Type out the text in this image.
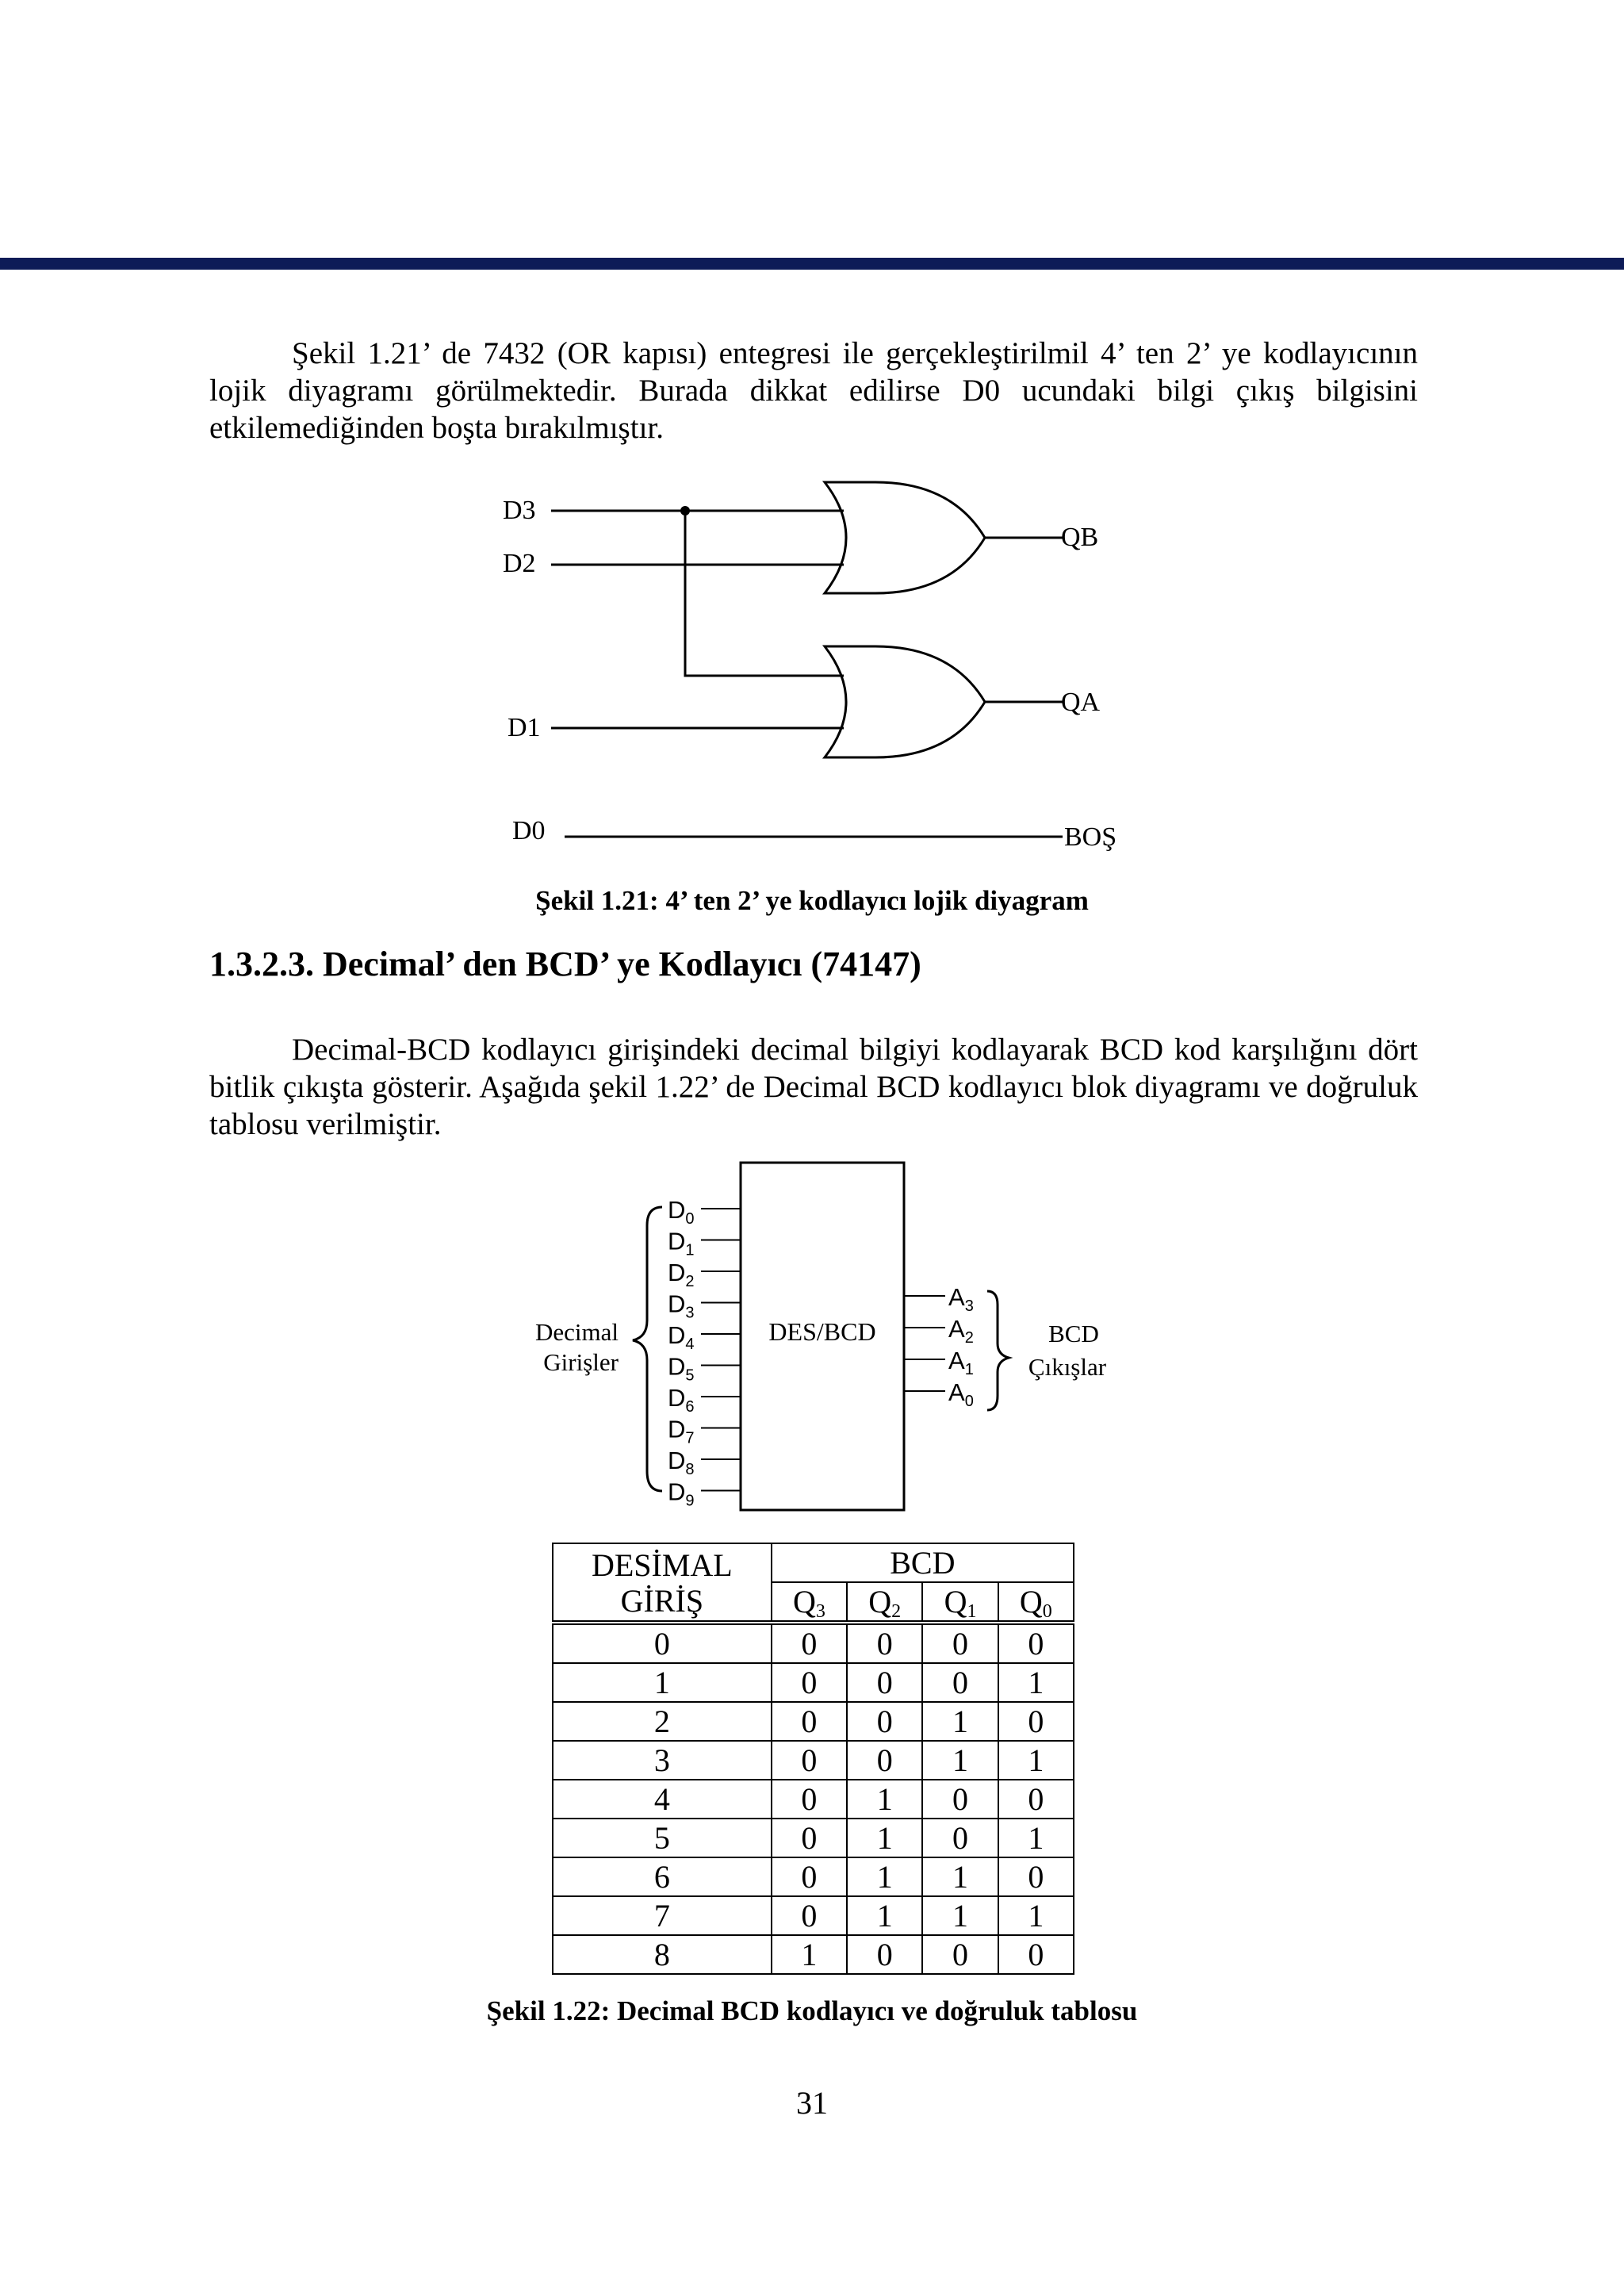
Şekil 1.21’ de 7432 (OR kapısı) entegresi ile gerçekleştirilmil 4’ ten 2’ ye kodlayıcının lojik diyagramı görülmektedir. Burada dikkat edilirse D0 ucundaki bilgi çıkış bilgisini etkilemediğinden boşta bırakılmıştır.

D3
D2
D1
D0
QB
QA
BOŞ
Şekil 1.21: 4’ ten 2’ ye kodlayıcı lojik diyagram
1.3.2.3. Decimal’ den BCD’ ye Kodlayıcı (74147)

Decimal-BCD kodlayıcı girişindeki decimal bilgiyi kodlayarak BCD kod karşılığını dört bitlik çıkışta gösterir. Aşağıda şekil 1.22’ de Decimal BCD kodlayıcı blok diyagramı ve doğruluk tablosu verilmiştir.

DES/BCD
Decimal
Girişler
BCD
Çıkışlar
$D_0$
$D_1$
$D_2$
$D_3$
$D_4$
$D_5$
$D_6$
$D_7$
$D_8$
$D_9$
$A_3$
$A_2$
$A_1$
$A_0$
DESİMAL
GİRİŞ	BCD			
	$Q_3$	$Q_2$	$Q_1$	$Q_0$
0	0	0	0	0
1	0	0	0	1
2	0	0	1	0
3	0	0	1	1
4	0	1	0	0
5	0	1	0	1
6	0	1	1	0
7	0	1	1	1
8	1	0	0	0
Şekil 1.22: Decimal BCD kodlayıcı ve doğruluk tablosu
31
